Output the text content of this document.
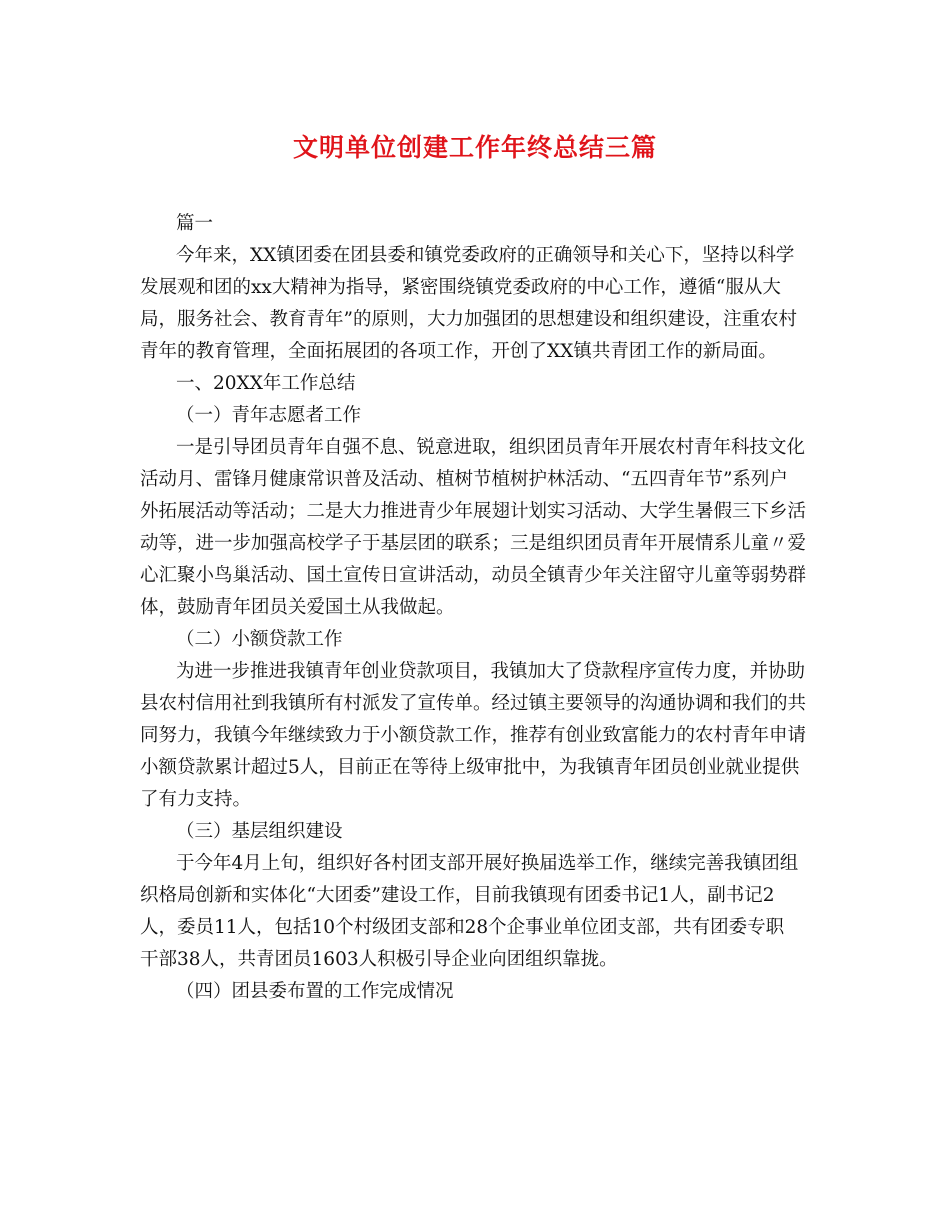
文明单位创建工作年终总结三篇

篇一

今年来，XX镇团委在团县委和镇党委政府的正确领导和关心下，坚持以科学

发展观和团的xx大精神为指导，紧密围绕镇党委政府的中心工作，遵循“服从大

局，服务社会、教育青年”的原则，大力加强团的思想建设和组织建设，注重农村

青年的教育管理，全面拓展团的各项工作，开创了XX镇共青团工作的新局面。

一、20XX年工作总结

（一）青年志愿者工作

一是引导团员青年自强不息、锐意进取，组织团员青年开展农村青年科技文化

活动月、雷锋月健康常识普及活动、植树节植树护林活动、“五四青年节”系列户

外拓展活动等活动；二是大力推进青少年展翅计划实习活动、大学生暑假三下乡活

动等，进一步加强高校学子于基层团的联系；三是组织团员青年开展情系儿童〃爱

心汇聚小鸟巢活动、国土宣传日宣讲活动，动员全镇青少年关注留守儿童等弱势群

体，鼓励青年团员关爱国土从我做起。

（二）小额贷款工作

为进一步推进我镇青年创业贷款项目，我镇加大了贷款程序宣传力度，并协助

县农村信用社到我镇所有村派发了宣传单。经过镇主要领导的沟通协调和我们的共

同努力，我镇今年继续致力于小额贷款工作，推荐有创业致富能力的农村青年申请

小额贷款累计超过5人，目前正在等待上级审批中，为我镇青年团员创业就业提供

了有力支持。

（三）基层组织建设

于今年4月上旬，组织好各村团支部开展好换届选举工作，继续完善我镇团组

织格局创新和实体化“大团委”建设工作，目前我镇现有团委书记1人，副书记2

人，委员11人，包括10个村级团支部和28个企事业单位团支部，共有团委专职

干部38人，共青团员1603人积极引导企业向团组织靠拢。

（四）团县委布置的工作完成情况
